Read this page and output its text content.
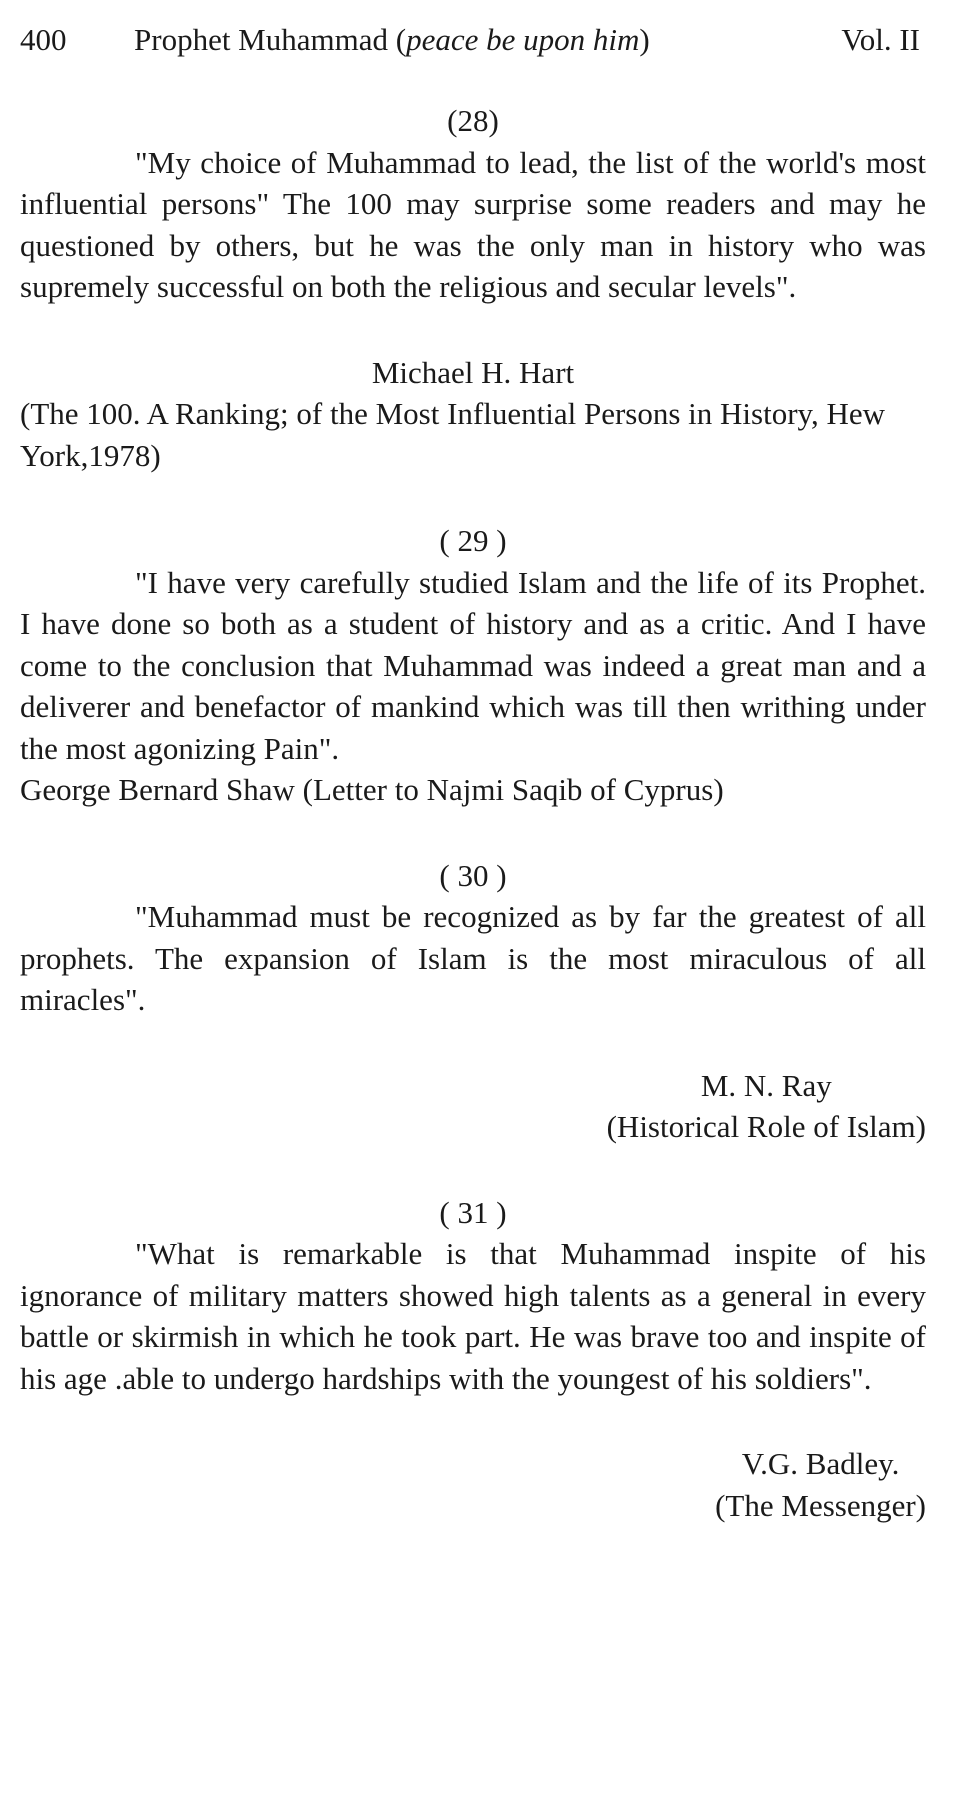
400 Prophet Muhammad (peace be upon him)	Vol. II

(28)

"My choice of Muhammad to lead, the list of the world's most influential persons" The 100 may surprise some readers and may he questioned by others, but he was the only man in history who was supremely successful on both the religious and secular levels".

Michael H. Hart

(The 100. A Ranking; of the Most Influential Persons in History, Hew York,1978)

( 29 )

"I have very carefully studied Islam and the life of its Prophet. I have done so both as a student of history and as a critic. And I have come to the conclusion that Muhammad was indeed a great man and a deliverer and benefactor of mankind which was till then writhing under the most agonizing Pain".

George Bernard Shaw (Letter to Najmi Saqib of Cyprus)

( 30 )

"Muhammad must be recognized as by far the greatest of all prophets. The expansion of Islam is the most miraculous of all miracles".

M. N. Ray

(Historical Role of Islam)

( 31 )

"What is remarkable is that Muhammad inspite of his ignorance of military matters showed high talents as a general in every battle or skirmish in which he took part. He was brave too and inspite of his age .able to undergo hardships with the youngest of his soldiers".

V.G. Badley.

(The Messenger)
